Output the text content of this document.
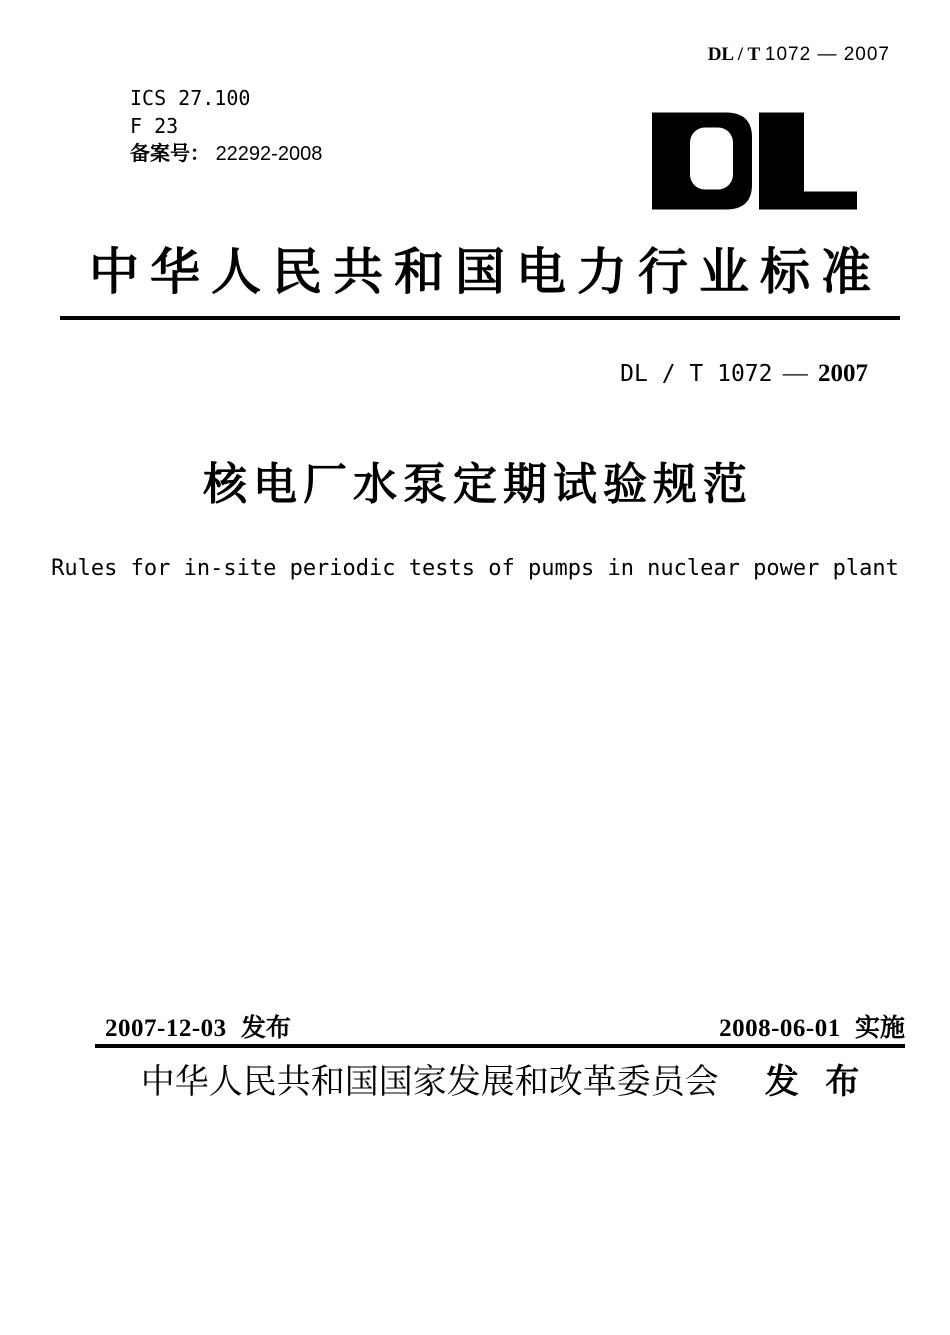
DL / T 1072 — 2007
ICS 27.100
F 23
备案号： 22292-2008
中华人民共和国电力行业标准
DL / T 1072 — 2007
核电厂水泵定期试验规范
Rules for in-site periodic tests of pumps in nuclear power plant
2007-12-03 发布	2008-06-01 实施
中华人民共和国国家发展和改革委员会 发 布
